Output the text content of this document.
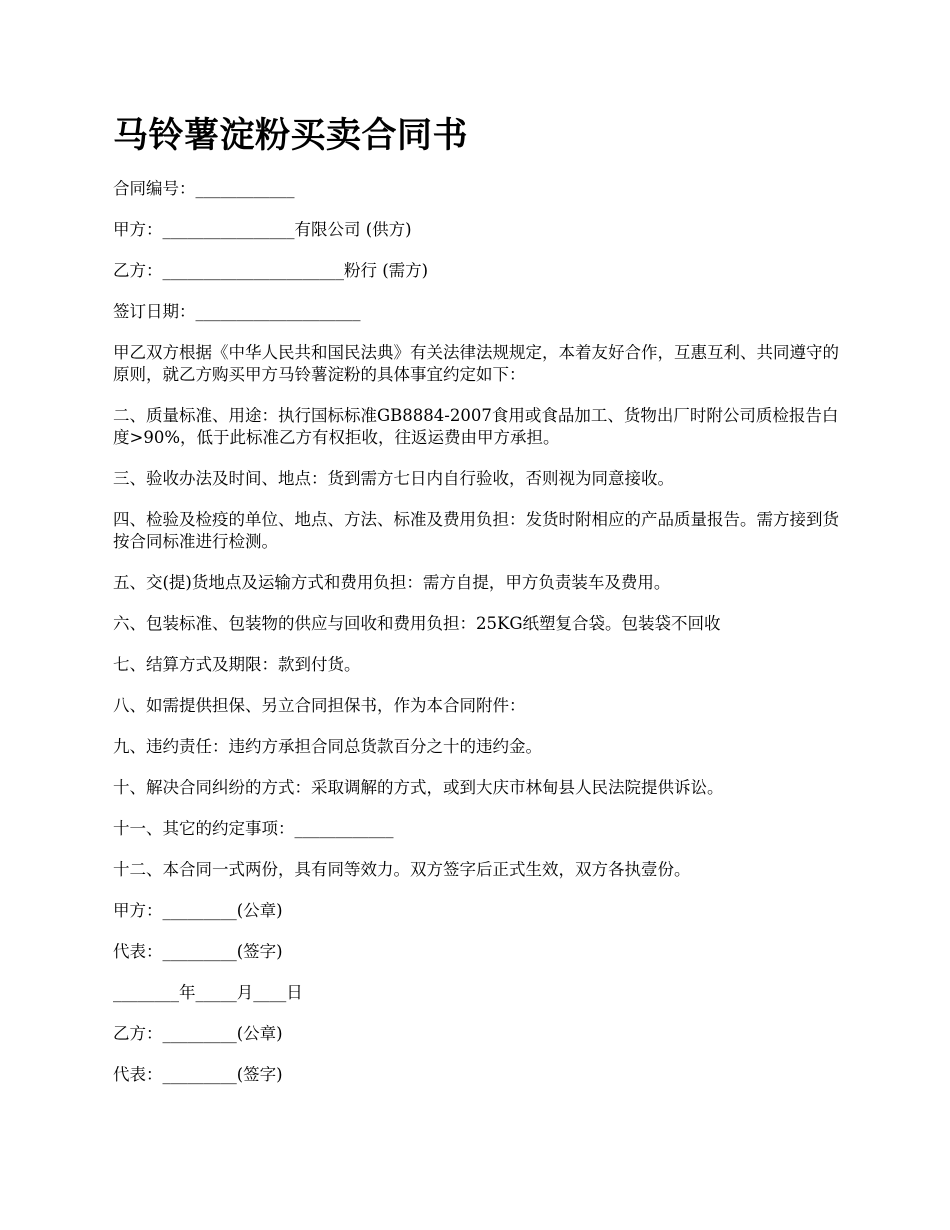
马铃薯淀粉买卖合同书

合同编号：____________

甲方：________________有限公司 (供方)

乙方：______________________粉行 (需方)

签订日期：____________________

甲乙双方根据《中华人民共和国民法典》有关法律法规规定，本着友好合作，互惠互利、共同遵守的原则，就乙方购买甲方马铃薯淀粉的具体事宜约定如下：

二、质量标准、用途：执行国标标准GB8884-2007食用或食品加工、货物出厂时附公司质检报告白度>90%，低于此标准乙方有权拒收，往返运费由甲方承担。

三、验收办法及时间、地点：货到需方七日内自行验收，否则视为同意接收。

四、检验及检疫的单位、地点、方法、标准及费用负担：发货时附相应的产品质量报告。需方接到货按合同标准进行检测。

五、交(提)货地点及运输方式和费用负担：需方自提，甲方负责装车及费用。

六、包装标准、包装物的供应与回收和费用负担：25KG纸塑复合袋。包装袋不回收

七、结算方式及期限：款到付货。

八、如需提供担保、另立合同担保书，作为本合同附件：

九、违约责任：违约方承担合同总货款百分之十的违约金。

十、解决合同纠纷的方式：采取调解的方式，或到大庆市林甸县人民法院提供诉讼。

十一、其它的约定事项：____________

十二、本合同一式两份，具有同等效力。双方签字后正式生效，双方各执壹份。

甲方：_________(公章)

代表：_________(签字)

________年_____月____日

乙方：_________(公章)

代表：_________(签字)
